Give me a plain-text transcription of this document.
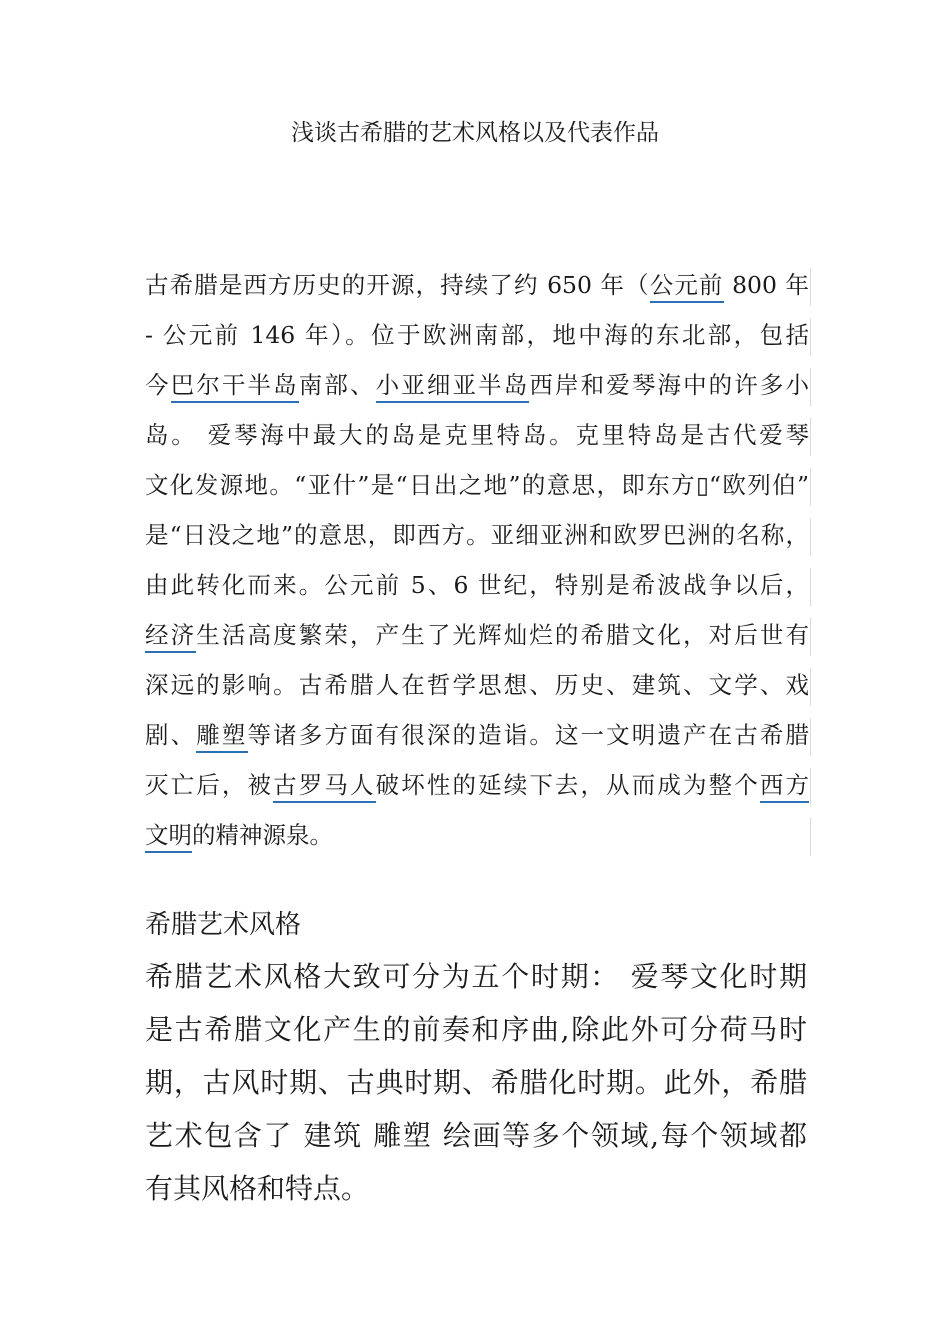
浅谈古希腊的艺术风格以及代表作品
古希腊是西方历史的开源，持续了约 650 年（公元前 800 年
- 公元前 146 年）。位于欧洲南部，地中海的东北部，包括
今巴尔干半岛南部、小亚细亚半岛西岸和爱琴海中的许多小
岛。 爱琴海中最大的岛是克里特岛。克里特岛是古代爱琴
文化发源地。“亚什”是“日出之地”的意思，即东方▯“欧列伯”
是“日没之地”的意思，即西方。亚细亚洲和欧罗巴洲的名称，
由此转化而来。公元前 5、6 世纪，特别是希波战争以后，
经济生活高度繁荣，产生了光辉灿烂的希腊文化，对后世有
深远的影响。古希腊人在哲学思想、历史、建筑、文学、戏
剧、雕塑等诸多方面有很深的造诣。这一文明遗产在古希腊
灭亡后，被古罗马人破坏性的延续下去，从而成为整个西方
文明的精神源泉。
希腊艺术风格
希腊艺术风格大致可分为五个时期： 爱琴文化时期
是古希腊文化产生的前奏和序曲,除此外可分荷马时
期，古风时期、古典时期、希腊化时期。此外，希腊
艺术包含了 建筑 雕塑 绘画等多个领域,每个领域都
有其风格和特点。
